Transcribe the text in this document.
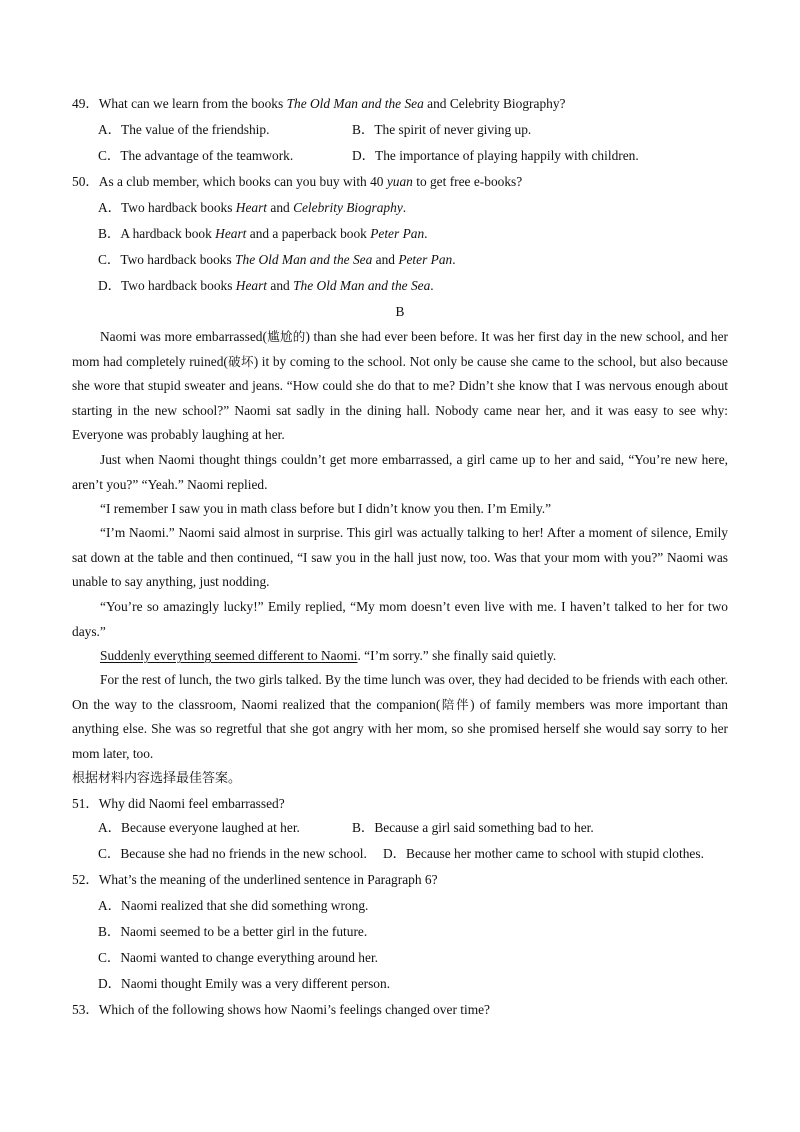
49．What can we learn from the books The Old Man and the Sea and Celebrity Biography?
A．The value of the friendship.	B．The spirit of never giving up.
C．The advantage of the teamwork.	D．The importance of playing happily with children.
50．As a club member, which books can you buy with 40 yuan to get free e-books?
A．Two hardback books Heart and Celebrity Biography.
B．A hardback book Heart and a paperback book Peter Pan.
C．Two hardback books The Old Man and the Sea and Peter Pan.
D．Two hardback books Heart and The Old Man and the Sea.
B
Naomi was more embarrassed(尴尬的) than she had ever been before. It was her first day in the new school, and her mom had completely ruined(破坏) it by coming to the school. Not only be cause she came to the school, but also because she wore that stupid sweater and jeans. “How could she do that to me? Didn’t she know that I was nervous enough about starting in the new school?” Naomi sat sadly in the dining hall. Nobody came near her, and it was easy to see why: Everyone was probably laughing at her.
Just when Naomi thought things couldn’t get more embarrassed, a girl came up to her and said, “You’re new here, aren’t you?” “Yeah.” Naomi replied.
“I remember I saw you in math class before but I didn’t know you then. I’m Emily.”
“I’m Naomi.” Naomi said almost in surprise. This girl was actually talking to her! After a moment of silence, Emily sat down at the table and then continued, “I saw you in the hall just now, too. Was that your mom with you?” Naomi was unable to say anything, just nodding.
“You’re so amazingly lucky!” Emily replied, “My mom doesn’t even live with me. I haven’t talked to her for two days.”
Suddenly everything seemed different to Naomi. “I’m sorry.” she finally said quietly.
For the rest of lunch, the two girls talked. By the time lunch was over, they had decided to be friends with each other. On the way to the classroom, Naomi realized that the companion(陪伴) of family members was more important than anything else. She was so regretful that she got angry with her mom, so she promised herself she would say sorry to her mom later, too.
根据材料内容选择最佳答案。
51．Why did Naomi feel embarrassed?
A．Because everyone laughed at her.	B．Because a girl said something bad to her.
C．Because she had no friends in the new school. D．Because her mother came to school with stupid clothes.
52．What’s the meaning of the underlined sentence in Paragraph 6?
A．Naomi realized that she did something wrong.
B．Naomi seemed to be a better girl in the future.
C．Naomi wanted to change everything around her.
D．Naomi thought Emily was a very different person.
53．Which of the following shows how Naomi’s feelings changed over time?
